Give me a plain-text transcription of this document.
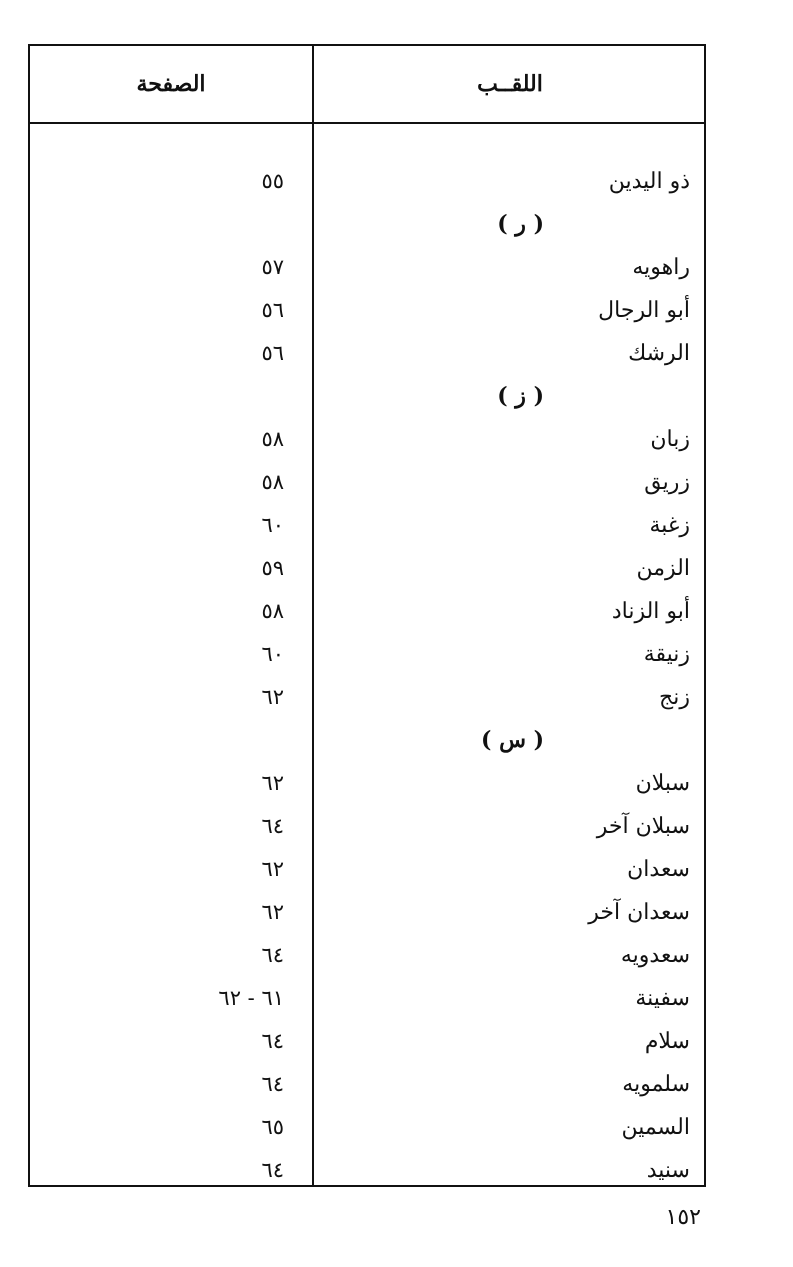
اللقــب
الصفحة
ذو اليدين
٥٥
( ر )
راهويه
٥٧
أبو الرجال
٥٦
الرشك
٥٦
( ز )
زبان
٥٨
زريق
٥٨
زغبة
٦٠
الزمن
٥٩
أبو الزناد
٥٨
زنيقة
٦٠
زنج
٦٢
( س )
سبلان
٦٢
سبلان آخر
٦٤
سعدان
٦٢
سعدان آخر
٦٢
سعدويه
٦٤
سفينة
٦١ - ٦٢
سلام
٦٤
سلمويه
٦٤
السمين
٦٥
سنيد
٦٤
١٥٢
